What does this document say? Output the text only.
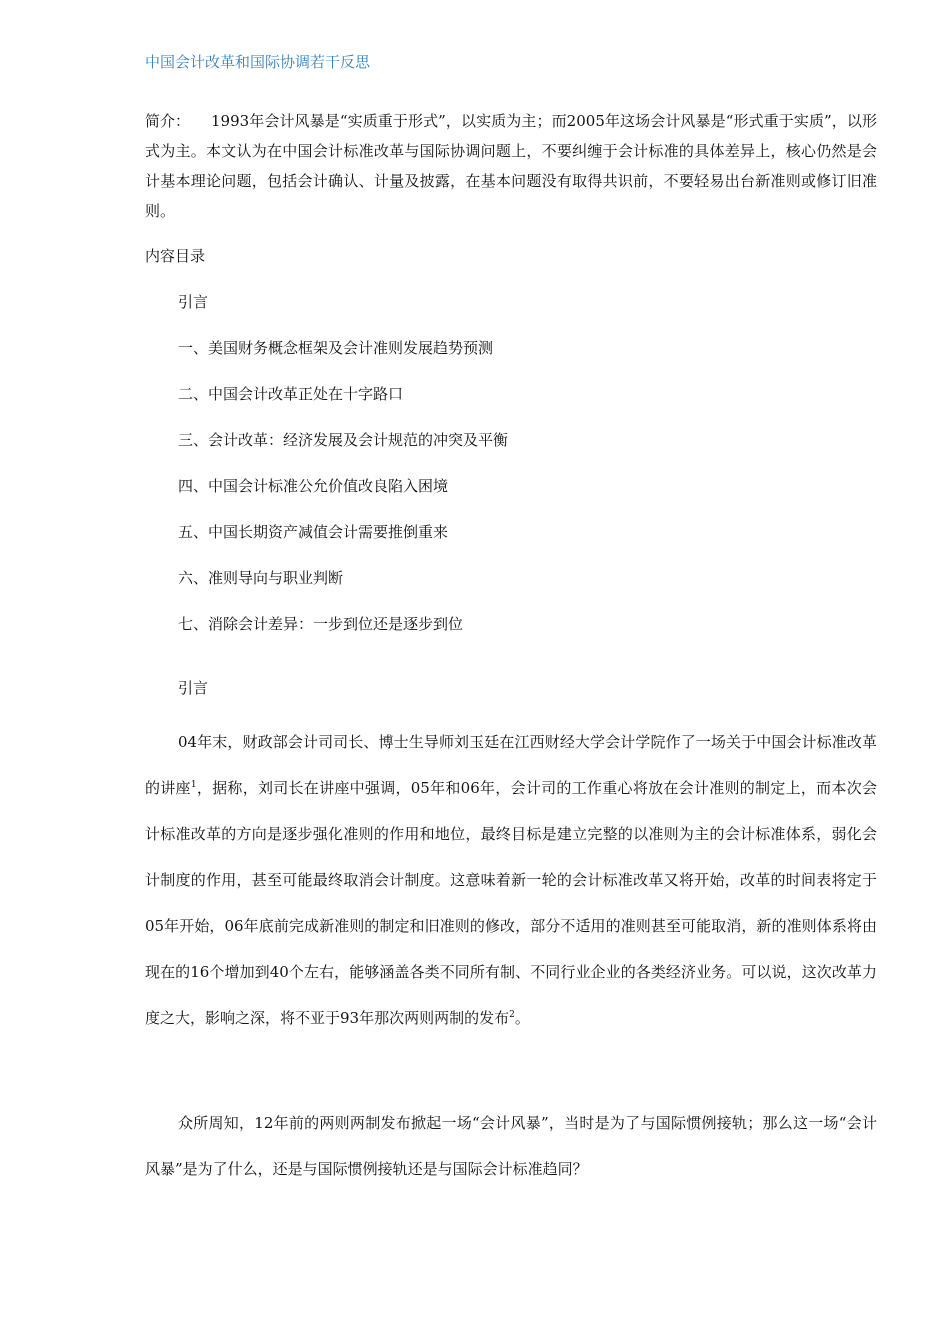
中国会计改革和国际协调若干反思
简介： 1993年会计风暴是“实质重于形式”，以实质为主；而2005年这场会计风暴是“形式重于实质”，以形式为主。本文认为在中国会计标准改革与国际协调问题上，不要纠缠于会计标准的具体差异上，核心仍然是会计基本理论问题，包括会计确认、计量及披露，在基本问题没有取得共识前，不要轻易出台新准则或修订旧准则。
内容目录
引言
一、美国财务概念框架及会计准则发展趋势预测
二、中国会计改革正处在十字路口
三、会计改革：经济发展及会计规范的冲突及平衡
四、中国会计标准公允价值改良陷入困境
五、中国长期资产减值会计需要推倒重来
六、准则导向与职业判断
七、消除会计差异：一步到位还是逐步到位
引言

04年末，财政部会计司司长、博士生导师刘玉廷在江西财经大学会计学院作了一场关于中国会计标准改革的讲座$^1$，据称，刘司长在讲座中强调，05年和06年，会计司的工作重心将放在会计准则的制定上，而本次会计标准改革的方向是逐步强化准则的作用和地位，最终目标是建立完整的以准则为主的会计标准体系，弱化会计制度的作用，甚至可能最终取消会计制度。这意味着新一轮的会计标准改革又将开始，改革的时间表将定于05年开始，06年底前完成新准则的制定和旧准则的修改，部分不适用的准则甚至可能取消，新的准则体系将由现在的16个增加到40个左右，能够涵盖各类不同所有制、不同行业企业的各类经济业务。可以说，这次改革力度之大，影响之深，将不亚于93年那次两则两制的发布$^2$。

众所周知，12年前的两则两制发布掀起一场“会计风暴”，当时是为了与国际惯例接轨；那么这一场“会计风暴”是为了什么，还是与国际惯例接轨还是与国际会计标准趋同？
